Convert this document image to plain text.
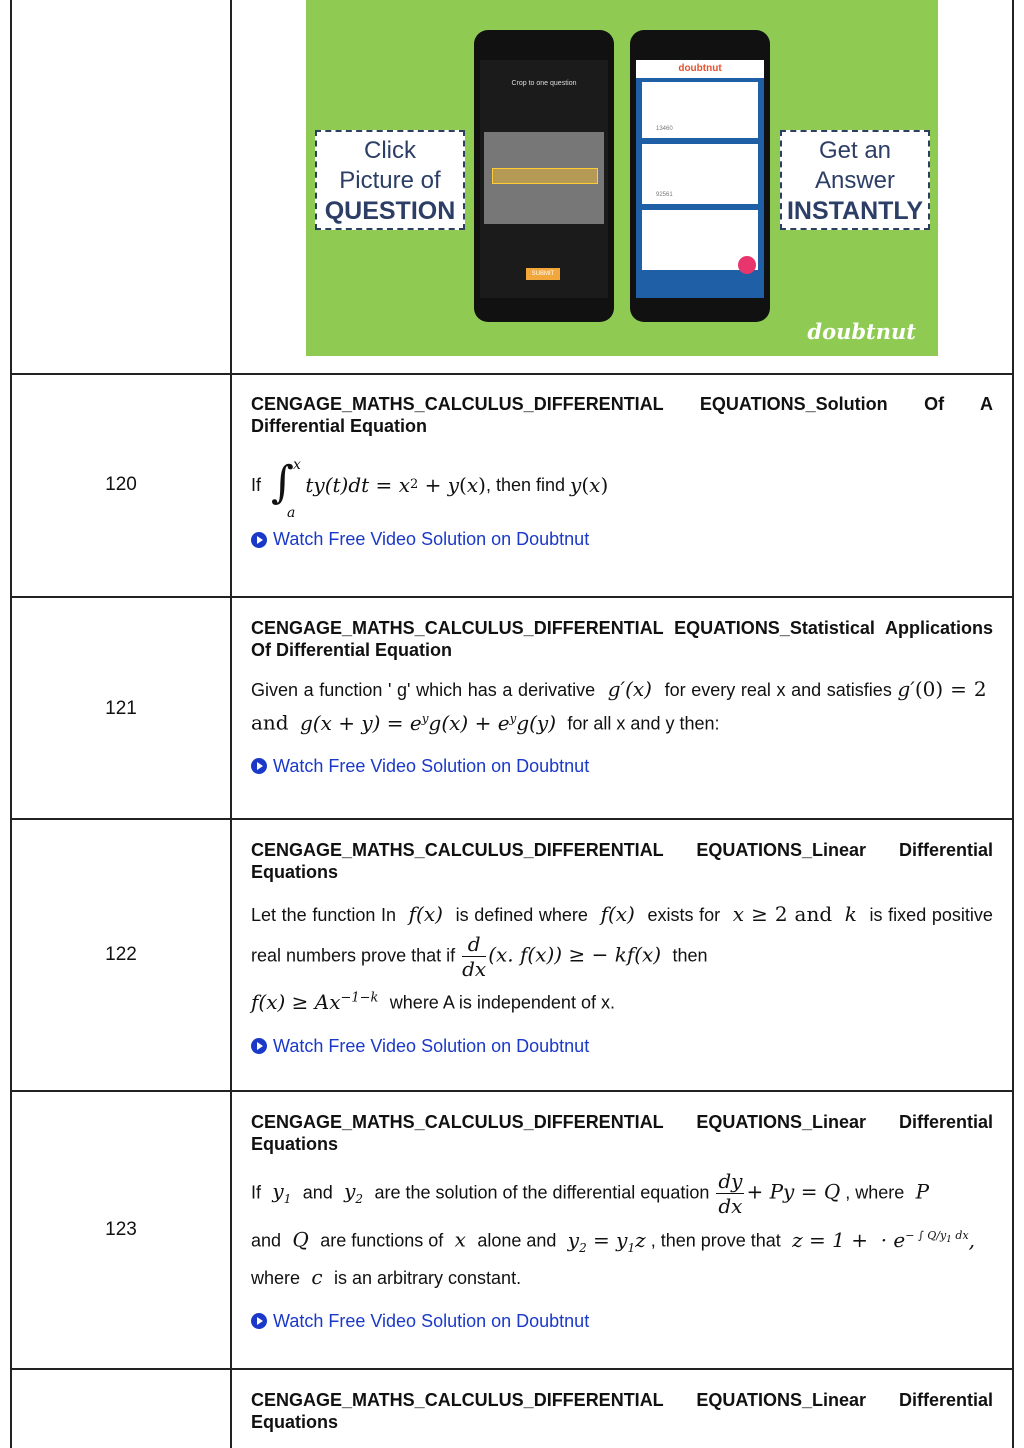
Click
Picture of
QUESTION
Get an
Answer
INSTANTLY
Crop to one question
SUBMIT
doubtnut
13460
92561
doubtnut
120
CENGAGE_MATHS_CALCULUS_DIFFERENTIAL EQUATIONS_Solution Of A Differential Equation
If ∫ x
a
ty(t)dt = x 2 + y ( x ) , then find
y ( x )
Watch Free Video Solution on Doubtnut
121
CENGAGE_MATHS_CALCULUS_DIFFERENTIAL EQUATIONS_Statistical Applications Of Differential Equation
Given a function ' g' which has a derivative  g′(x)  for every real x and satisfies g′(0) = 2  and  $g(x + y) = e^yg(x) + e^yg(y)$  for all x and y then:
Watch Free Video Solution on Doubtnut
122
CENGAGE_MATHS_CALCULUS_DIFFERENTIAL EQUATIONS_Linear Differential Equations
Let the function In  f(x)  is defined where  f(x)  exists for  x ≥ 2 and  k  is fixed positive real numbers prove that if $\frac{d}{dx} (x$. f(x)) ≥ − kf(x)  then
$f(x) \ge Ax^{-1-k}$ where A is independent of x.
Watch Free Video Solution on Doubtnut
123
CENGAGE_MATHS_CALCULUS_DIFFERENTIAL EQUATIONS_Linear Differential Equations
If  $y_1$ and  $y_2$ are the solution of the differential equation $\frac{dy}{dx} + Py = Q$ , where  P
and  Q  are functions of  x  alone and  $y_2 = y_1z$ , then prove that  z = 1 +  · $e^{- \int Q/y_1 dx}$,
where  c  is an arbitrary constant.
Watch Free Video Solution on Doubtnut
CENGAGE_MATHS_CALCULUS_DIFFERENTIAL EQUATIONS_Linear Differential Equations
